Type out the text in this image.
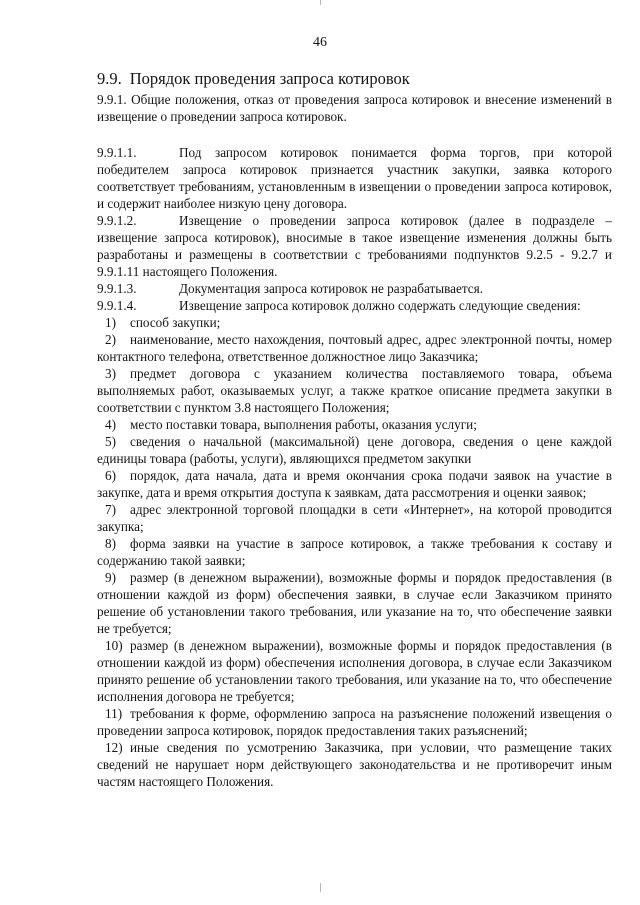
46
9.9. Порядок проведения запроса котировок

9.9.1. Общие положения, отказ от проведения запроса котировок и внесение изменений в извещение о проведении запроса котировок.

9.9.1.1.	Под запросом котировок понимается форма торгов, при которой победителем запроса котировок признается участник закупки, заявка которого соответствует требованиям, установленным в извещении о проведении запроса котировок, и содержит наиболее низкую цену договора.

9.9.1.2.	Извещение о проведении запроса котировок (далее в подразделе – извещение запроса котировок), вносимые в такое извещение изменения должны быть разработаны и размещены в соответствии с требованиями подпунктов 9.2.5 - 9.2.7 и 9.9.1.11 настоящего Положения.

9.9.1.3.	Документация запроса котировок не разрабатывается.

9.9.1.4.	Извещение запроса котировок должно содержать следующие сведения:

1) способ закупки;

2) наименование, место нахождения, почтовый адрес, адрес электронной почты, номер контактного телефона, ответственное должностное лицо Заказчика;

3) предмет договора с указанием количества поставляемого товара, объема выполняемых работ, оказываемых услуг, а также краткое описание предмета закупки в соответствии с пунктом 3.8 настоящего Положения;

4) место поставки товара, выполнения работы, оказания услуги;

5) сведения о начальной (максимальной) цене договора, сведения о цене каждой единицы товара (работы, услуги), являющихся предметом закупки

6) порядок, дата начала, дата и время окончания срока подачи заявок на участие в закупке, дата и время открытия доступа к заявкам, дата рассмотрения и оценки заявок;

7) адрес электронной торговой площадки в сети «Интернет», на которой проводится закупка;

8) форма заявки на участие в запросе котировок, а также требования к составу и содержанию такой заявки;

9) размер (в денежном выражении), возможные формы и порядок предоставления (в отношении каждой из форм) обеспечения заявки, в случае если Заказчиком принято решение об установлении такого требования, или указание на то, что обеспечение заявки не требуется;

10) размер (в денежном выражении), возможные формы и порядок предоставления (в отношении каждой из форм) обеспечения исполнения договора, в случае если Заказчиком принято решение об установлении такого требования, или указание на то, что обеспечение исполнения договора не требуется;

11) требования к форме, оформлению запроса на разъяснение положений извещения о проведении запроса котировок, порядок предоставления таких разъяснений;

12) иные сведения по усмотрению Заказчика, при условии, что размещение таких сведений не нарушает норм действующего законодательства и не противоречит иным частям настоящего Положения.
